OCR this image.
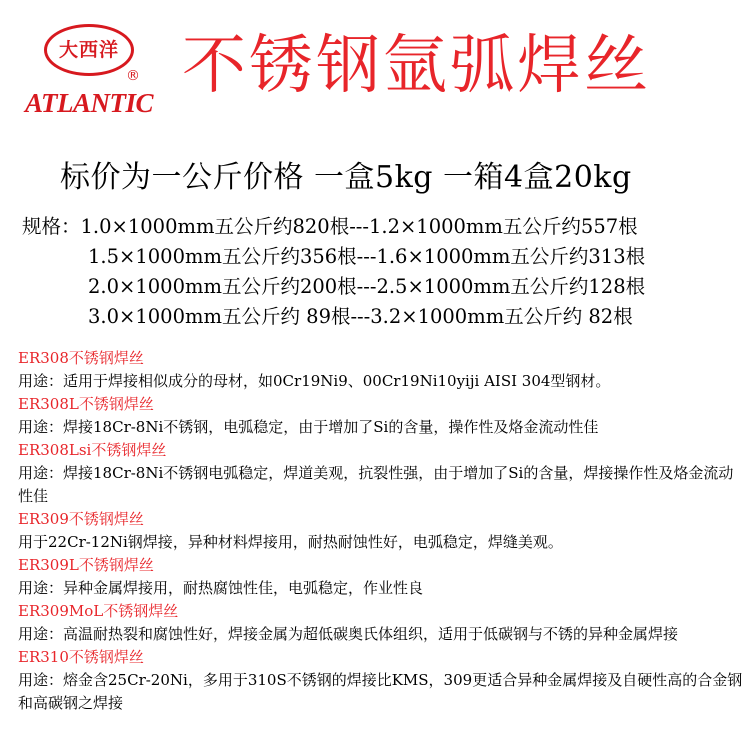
大西洋
®
ATLANTIC 不锈钢氩弧焊丝
标价为一公斤价格 一盒5kg 一箱4盒20kg
规格：1.0×1000mm五公斤约820根---1.2×1000mm五公斤约557根
1.5×1000mm五公斤约356根---1.6×1000mm五公斤约313根
2.0×1000mm五公斤约200根---2.5×1000mm五公斤约128根
3.0×1000mm五公斤约 89根---3.2×1000mm五公斤约 82根
ER308不锈钢焊丝
用途：适用于焊接相似成分的母材，如0Cr19Ni9、00Cr19Ni10yiji AISI 304型钢材。
ER308L不锈钢焊丝
用途：焊接18Cr-8Ni不锈钢，电弧稳定，由于增加了Si的含量，操作性及烙金流动性佳
ER308Lsi不锈钢焊丝
用途：焊接18Cr-8Ni不锈钢电弧稳定，焊道美观，抗裂性强，由于增加了Si的含量，焊接操作性及烙金流动性佳
ER309不锈钢焊丝
用于22Cr-12Ni钢焊接，异种材料焊接用，耐热耐蚀性好，电弧稳定，焊缝美观。
ER309L不锈钢焊丝
用途：异种金属焊接用，耐热腐蚀性佳，电弧稳定，作业性良
ER309MoL不锈钢焊丝
用途：高温耐热裂和腐蚀性好，焊接金属为超低碳奥氏体组织，适用于低碳钢与不锈的异种金属焊接
ER310不锈钢焊丝
用途：熔金含25Cr-20Ni，多用于310S不锈钢的焊接比KMS，309更适合异种金属焊接及自硬性高的合金钢和高碳钢之焊接
